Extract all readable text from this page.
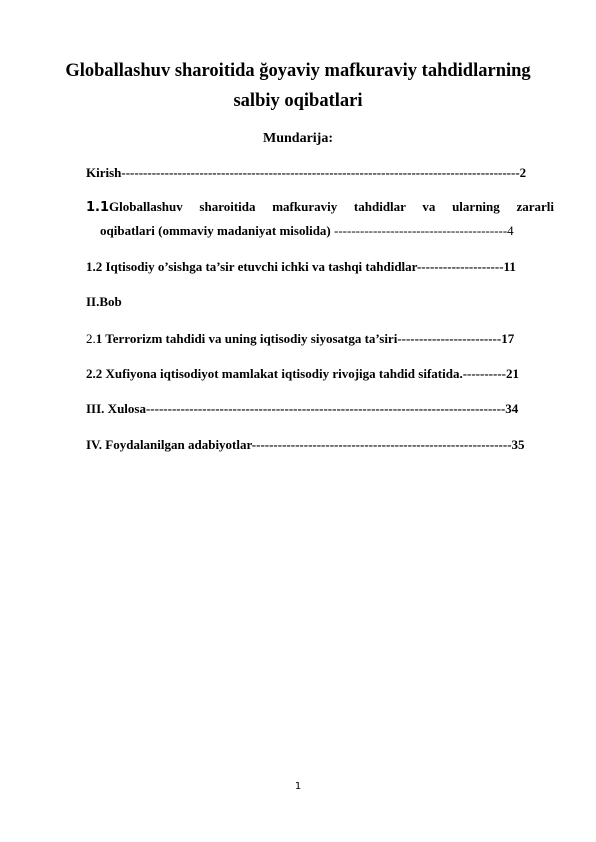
Globallashuv sharoitida ğoyaviy mafkuraviy tahdidlarning
salbiy oqibatlari
Mundarija:
Kirish--------------------------------------------------------------------------------------------2
1.1Globallashuv sharoitida mafkuraviy tahdidlar va ularning zararli
oqibatlari (ommaviy madaniyat misolida) ----------------------------------------4
1.2 Iqtisodiy o’sishga ta’sir etuvchi ichki va tashqi tahdidlar--------------------11
II.Bob
2.1 Terrorizm tahdidi va uning iqtisodiy siyosatga ta’siri------------------------17
2.2 Xufiyona iqtisodiyot mamlakat iqtisodiy rivojiga tahdid sifatida.----------21
III. Xulosa-----------------------------------------------------------------------------------34
IV. Foydalanilgan adabiyotlar------------------------------------------------------------35
1
